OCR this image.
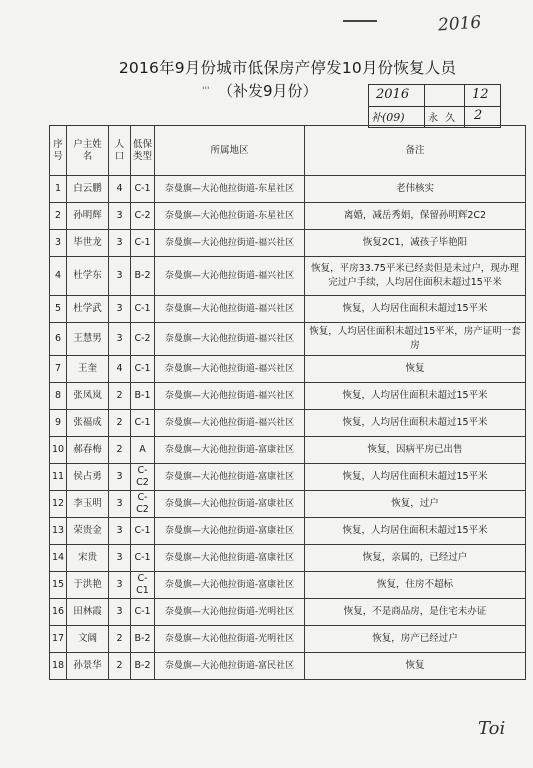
2016
2016年9月份城市低保房产停发10月份恢复人员
''' （补发9月份）	2016	12
补(09) 永 久 2
序号	户主姓名	人口	低保类型	所属地区	备注
1	白云鹏	4	C-1	奈曼旗—大沁他拉街道-东星社区	老伟核实
2	孙明辉	3	C-2	奈曼旗—大沁他拉街道-东星社区	离婚，减岳秀娟，保留孙明辉2C2
3	毕世龙	3	C-1	奈曼旗—大沁他拉街道-福兴社区	恢复2C1，减孩子毕艳阳
4	杜学东	3	B-2	奈曼旗—大沁他拉街道-福兴社区	恢复，平房33.75平米已经卖但是未过户，现办理完过户手续，人均居住面积未超过15平米
5	杜学武	3	C-1	奈曼旗—大沁他拉街道-福兴社区	恢复，人均居住面积未超过15平米
6	王慧男	3	C-2	奈曼旗—大沁他拉街道-福兴社区	恢复，人均居住面积未超过15平米，房产证明一套房
7	王奎	4	C-1	奈曼旗—大沁他拉街道-福兴社区	恢复
8	张凤岚	2	B-1	奈曼旗—大沁他拉街道-福兴社区	恢复，人均居住面积未超过15平米
9	张福成	2	C-1	奈曼旗—大沁他拉街道-福兴社区	恢复，人均居住面积未超过15平米
10	郝春梅	2	A	奈曼旗—大沁他拉街道-富康社区	恢复，因病平房已出售
11	侯占勇	3	C-C2	奈曼旗—大沁他拉街道-富康社区	恢复，人均居住面积未超过15平米
12	李玉明	3	C-C2	奈曼旗—大沁他拉街道-富康社区	恢复，过户
13	荣贵金	3	C-1	奈曼旗—大沁他拉街道-富康社区	恢复，人均居住面积未超过15平米
14	宋贵	3	C-1	奈曼旗—大沁他拉街道-富康社区	恢复，亲属的，已经过户
15	于洪艳	3	C-C1	奈曼旗—大沁他拉街道-富康社区	恢复，住房不超标
16	田林霞	3	C-1	奈曼旗—大沁他拉街道-光明社区	恢复，不是商品房，是住宅未办证
17	文阔	2	B-2	奈曼旗—大沁他拉街道-光明社区	恢复，房产已经过户
18	孙景华	2	B-2	奈曼旗—大沁他拉街道-富民社区	恢复
Toi
